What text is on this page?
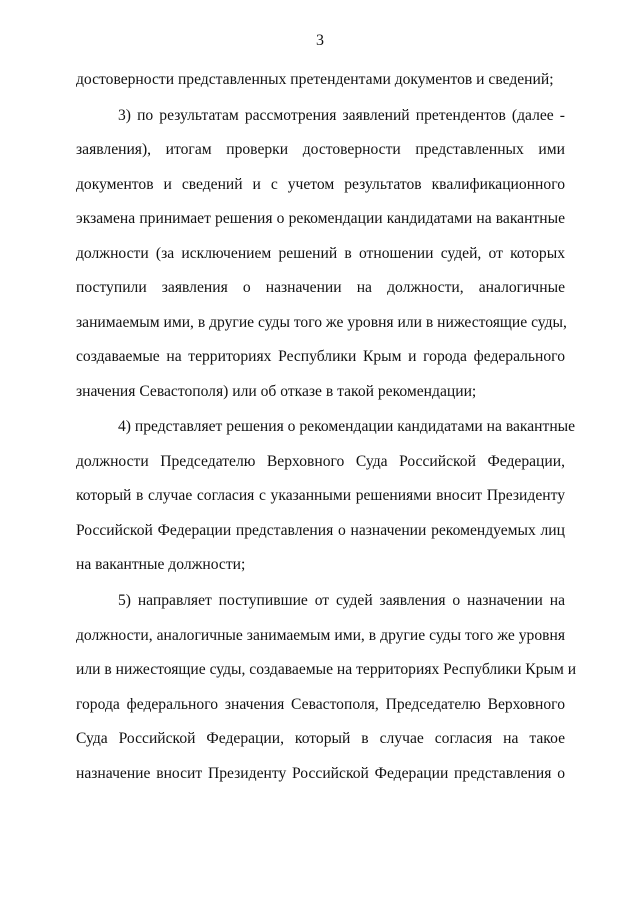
3
достоверности представленных претендентами документов и сведений;
3) по результатам рассмотрения заявлений претендентов (далее -
заявления), итогам проверки достоверности представленных ими
документов и сведений и с учетом результатов квалификационного
экзамена принимает решения о рекомендации кандидатами на вакантные
должности (за исключением решений в отношении судей, от которых
поступили заявления о назначении на должности, аналогичные
занимаемым ими, в другие суды того же уровня или в нижестоящие суды,
создаваемые на территориях Республики Крым и города федерального
значения Севастополя) или об отказе в такой рекомендации;
4) представляет решения о рекомендации кандидатами на вакантные
должности Председателю Верховного Суда Российской Федерации,
который в случае согласия с указанными решениями вносит Президенту
Российской Федерации представления о назначении рекомендуемых лиц
на вакантные должности;
5) направляет поступившие от судей заявления о назначении на
должности, аналогичные занимаемым ими, в другие суды того же уровня
или в нижестоящие суды, создаваемые на территориях Республики Крым и
города федерального значения Севастополя, Председателю Верховного
Суда Российской Федерации, который в случае согласия на такое
назначение вносит Президенту Российской Федерации представления о
